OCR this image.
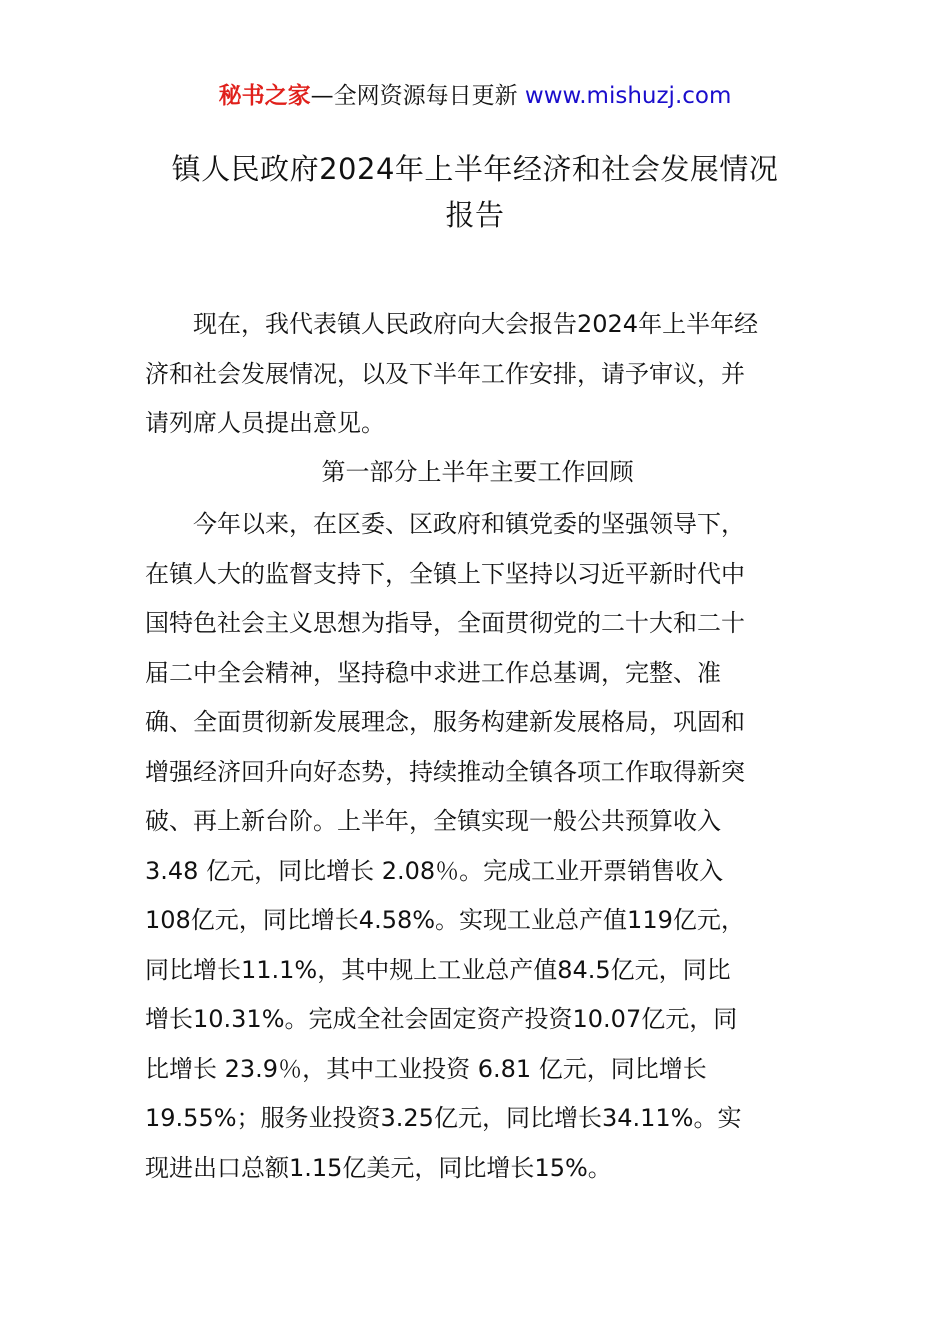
秘书之家—全网资源每日更新 www.mishuzj.com
镇人民政府2024年上半年经济和社会发展情况
报告
现在，我代表镇人民政府向大会报告2024年上半年经
济和社会发展情况，以及下半年工作安排，请予审议，并
请列席人员提出意见。
第一部分上半年主要工作回顾
今年以来，在区委、区政府和镇党委的坚强领导下，
在镇人大的监督支持下，全镇上下坚持以习近平新时代中
国特色社会主义思想为指导，全面贯彻党的二十大和二十
届二中全会精神，坚持稳中求进工作总基调，完整、准
确、全面贯彻新发展理念，服务构建新发展格局，巩固和
增强经济回升向好态势，持续推动全镇各项工作取得新突
破、再上新台阶。上半年，全镇实现一般公共预算收入
3.48 亿元，同比增长 2.08％。完成工业开票销售收入
108亿元，同比增长4.58%。实现工业总产值119亿元，
同比增长11.1%，其中规上工业总产值84.5亿元，同比
增长10.31%。完成全社会固定资产投资10.07亿元，同
比增长 23.9％，其中工业投资 6.81 亿元，同比增长
19.55%；服务业投资3.25亿元，同比增长34.11%。实
现进出口总额1.15亿美元，同比增长15%。
